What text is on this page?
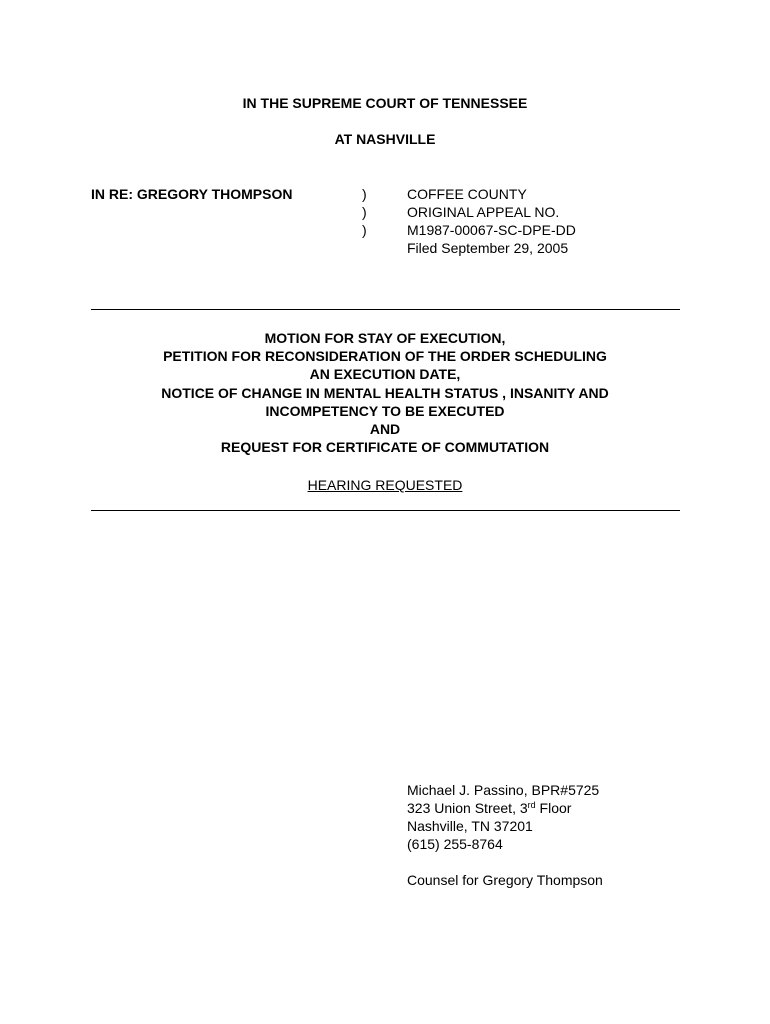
IN THE SUPREME COURT OF TENNESSEE
AT NASHVILLE
IN RE: GREGORY THOMPSON	)
)
)
COFFEE COUNTY
ORIGINAL APPEAL NO.
M1987-00067-SC-DPE-DD
Filed September 29, 2005
MOTION FOR STAY OF EXECUTION,
PETITION FOR RECONSIDERATION OF THE ORDER SCHEDULING
AN EXECUTION DATE,
NOTICE OF CHANGE IN MENTAL HEALTH STATUS , INSANITY AND
INCOMPETENCY TO BE EXECUTED
AND
REQUEST FOR CERTIFICATE OF COMMUTATION
HEARING REQUESTED
Michael J. Passino, BPR#5725
323 Union Street, 3rd Floor
Nashville, TN 37201
(615) 255-8764
Counsel for Gregory Thompson
